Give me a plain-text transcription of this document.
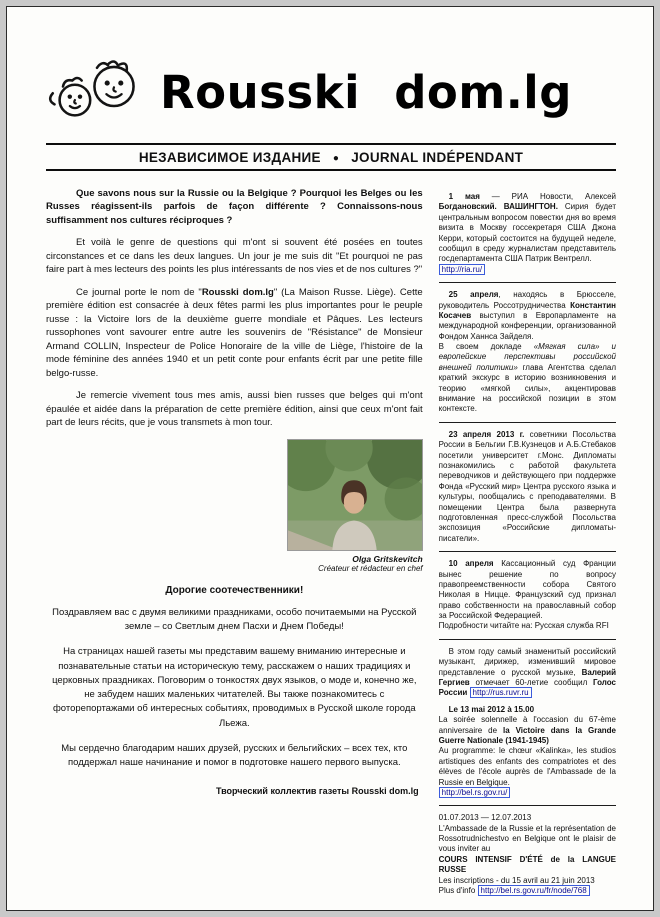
Rousski dom.lg
НЕЗАВИСИМОЕ ИЗДАНИЕ ● JOURNAL INDÉPENDANT

Que savons nous sur la Russie ou la Belgique ? Pourquoi les Belges ou les Russes réagissent-ils parfois de façon différente ? Connaissons-nous suffisamment nos cultures réciproques ?

Et voilà le genre de questions qui m'ont si souvent été posées en toutes circonstances et ce dans les deux langues. Un jour je me suis dit "Et pourquoi ne pas faire part à mes lecteurs des points les plus intéressants de nos vies et de nos cultures ?"

Ce journal porte le nom de "Rousski dom.lg" (La Maison Russe. Liège). Cette première édition est consacrée à deux fêtes parmi les plus importantes pour le peuple russe : la Victoire lors de la deuxième guerre mondiale et Pâques. Les lecteurs russophones vont savourer entre autre les souvenirs de "Résistance" de Monsieur Armand COLLIN, Inspecteur de Police Honoraire de la ville de Liège, l'histoire de la mode féminine des années 1940 et un petit conte pour enfants écrit par une petite fille belgo-russe.

Je remercie vivement tous mes amis, aussi bien russes que belges qui m'ont épaulée et aidée dans la préparation de cette première édition, ainsi que ceux m'ont fait part de leurs récits, que je vous transmets à mon tour.

Olga Gritskevitch
Créateur et rédacteur en chef
Дорогие соотечественники!

Поздравляем вас с двумя великими праздниками, особо почитаемыми на Русской земле – со Светлым днем Пасхи и Днем Победы!

На страницах нашей газеты мы представим вашему вниманию интересные и познавательные статьи на историческую тему, расскажем о наших традициях и церковных праздниках. Поговорим о тонкостях двух языков, о моде и, конечно же, не забудем наших маленьких читателей. Вы также познакомитесь с фоторепортажами об интересных событиях, проводимых в Русской школе города Льежа.

Мы сердечно благодарим наших друзей, русских и бельгийских – всех тех, кто поддержал наше начинание и помог в подготовке нашего первого выпуска.

Творческий коллектив газеты Rousski dom.lg
1 мая — РИА Новости, Алексей Богдановский. ВАШИНГТОН. Сирия будет центральным вопросом повестки дня во время визита в Москву госсекретаря США Джона Керри, который состоится на будущей неделе, сообщил в среду журналистам представитель госдепартамента США Патрик Вентрелл.
http://ria.ru/
25 апреля, находясь в Брюсселе, руководитель Россотрудничества Константин Косачев выступил в Европарламенте на международной конференции, организованной Фондом Ханнса Зайделя.
В своем докладе «Мягкая сила» и европейские перспективы российской внешней политики» глава Агентства сделал краткий экскурс в историю возникновения и теорию «мягкой силы», акцентировав внимание на российской позиции в этом контексте.
23 апреля 2013 г. советники Посольства России в Бельгии Г.В.Кузнецов и А.Б.Стебаков посетили университет г.Монс. Дипломаты познакомились с работой факультета переводчиков и действующего при поддержке Фонда «Русский мир» Центра русского языка и культуры, пообщались с преподавателями. В помещении Центра была развернута подготовленная пресс-службой Посольства экспозиция «Российские дипломаты-писатели».
10 апреля Кассационный суд Франции вынес решение по вопросу правопреемственности собора Святого Николая в Ницце. Французский суд признал право собственности на православный собор за Российской Федерацией.
Подробности читайте на: Русская служба RFI
В этом году самый знаменитый российский музыкант, дирижер, изменивший мировое представление о русской музыке, Валерий Гергиев отмечает 60-летие сообщил Голос России http://rus.ruvr.ru
Le 13 mai 2012 à 15.00
La soirée solennelle à l'occasion du 67-ème anniversaire de la Victoire dans la Grande Guerre Nationale (1941-1945)
Au programme: le chœur «Kalinka», les studios artistiques des enfants des compatriotes et des élèves de l'école auprès de l'Ambassade de la Russie en Belgique.
http://bel.rs.gov.ru/
01.07.2013 — 12.07.2013
L'Ambassade de la Russie et la représentation de Rossotrudnichestvo en Belgique ont le plaisir de vous inviter au
COURS INTENSIF D'ÉTÉ de la LANGUE RUSSE
Les inscriptions - du 15 avril au 21 juin 2013
Plus d'info http://bel.rs.gov.ru/fr/node/768
